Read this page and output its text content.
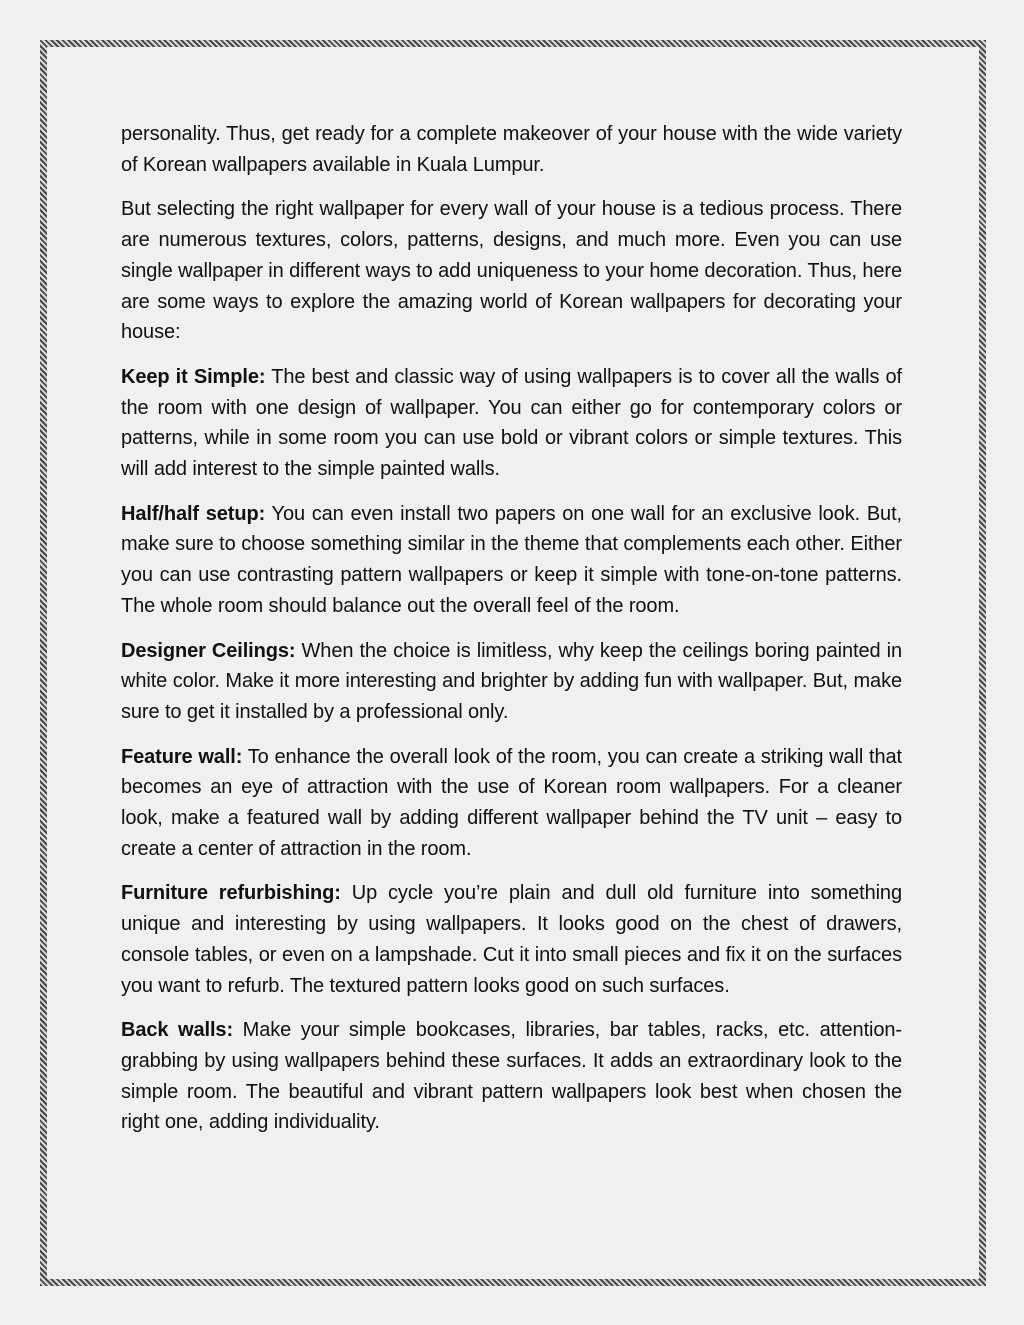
personality. Thus, get ready for a complete makeover of your house with the wide variety of Korean wallpapers available in Kuala Lumpur.

But selecting the right wallpaper for every wall of your house is a tedious process. There are numerous textures, colors, patterns, designs, and much more. Even you can use single wallpaper in different ways to add uniqueness to your home decoration. Thus, here are some ways to explore the amazing world of Korean wallpapers for decorating your house:

Keep it Simple: The best and classic way of using wallpapers is to cover all the walls of the room with one design of wallpaper. You can either go for contemporary colors or patterns, while in some room you can use bold or vibrant colors or simple textures. This will add interest to the simple painted walls.

Half/half setup: You can even install two papers on one wall for an exclusive look. But, make sure to choose something similar in the theme that complements each other. Either you can use contrasting pattern wallpapers or keep it simple with tone-on-tone patterns. The whole room should balance out the overall feel of the room.

Designer Ceilings: When the choice is limitless, why keep the ceilings boring painted in white color. Make it more interesting and brighter by adding fun with wallpaper. But, make sure to get it installed by a professional only.

Feature wall: To enhance the overall look of the room, you can create a striking wall that becomes an eye of attraction with the use of Korean room wallpapers. For a cleaner look, make a featured wall by adding different wallpaper behind the TV unit – easy to create a center of attraction in the room.

Furniture refurbishing: Up cycle you’re plain and dull old furniture into something unique and interesting by using wallpapers. It looks good on the chest of drawers, console tables, or even on a lampshade. Cut it into small pieces and fix it on the surfaces you want to refurb. The textured pattern looks good on such surfaces.

Back walls: Make your simple bookcases, libraries, bar tables, racks, etc. attention-grabbing by using wallpapers behind these surfaces. It adds an extraordinary look to the simple room. The beautiful and vibrant pattern wallpapers look best when chosen the right one, adding individuality.
